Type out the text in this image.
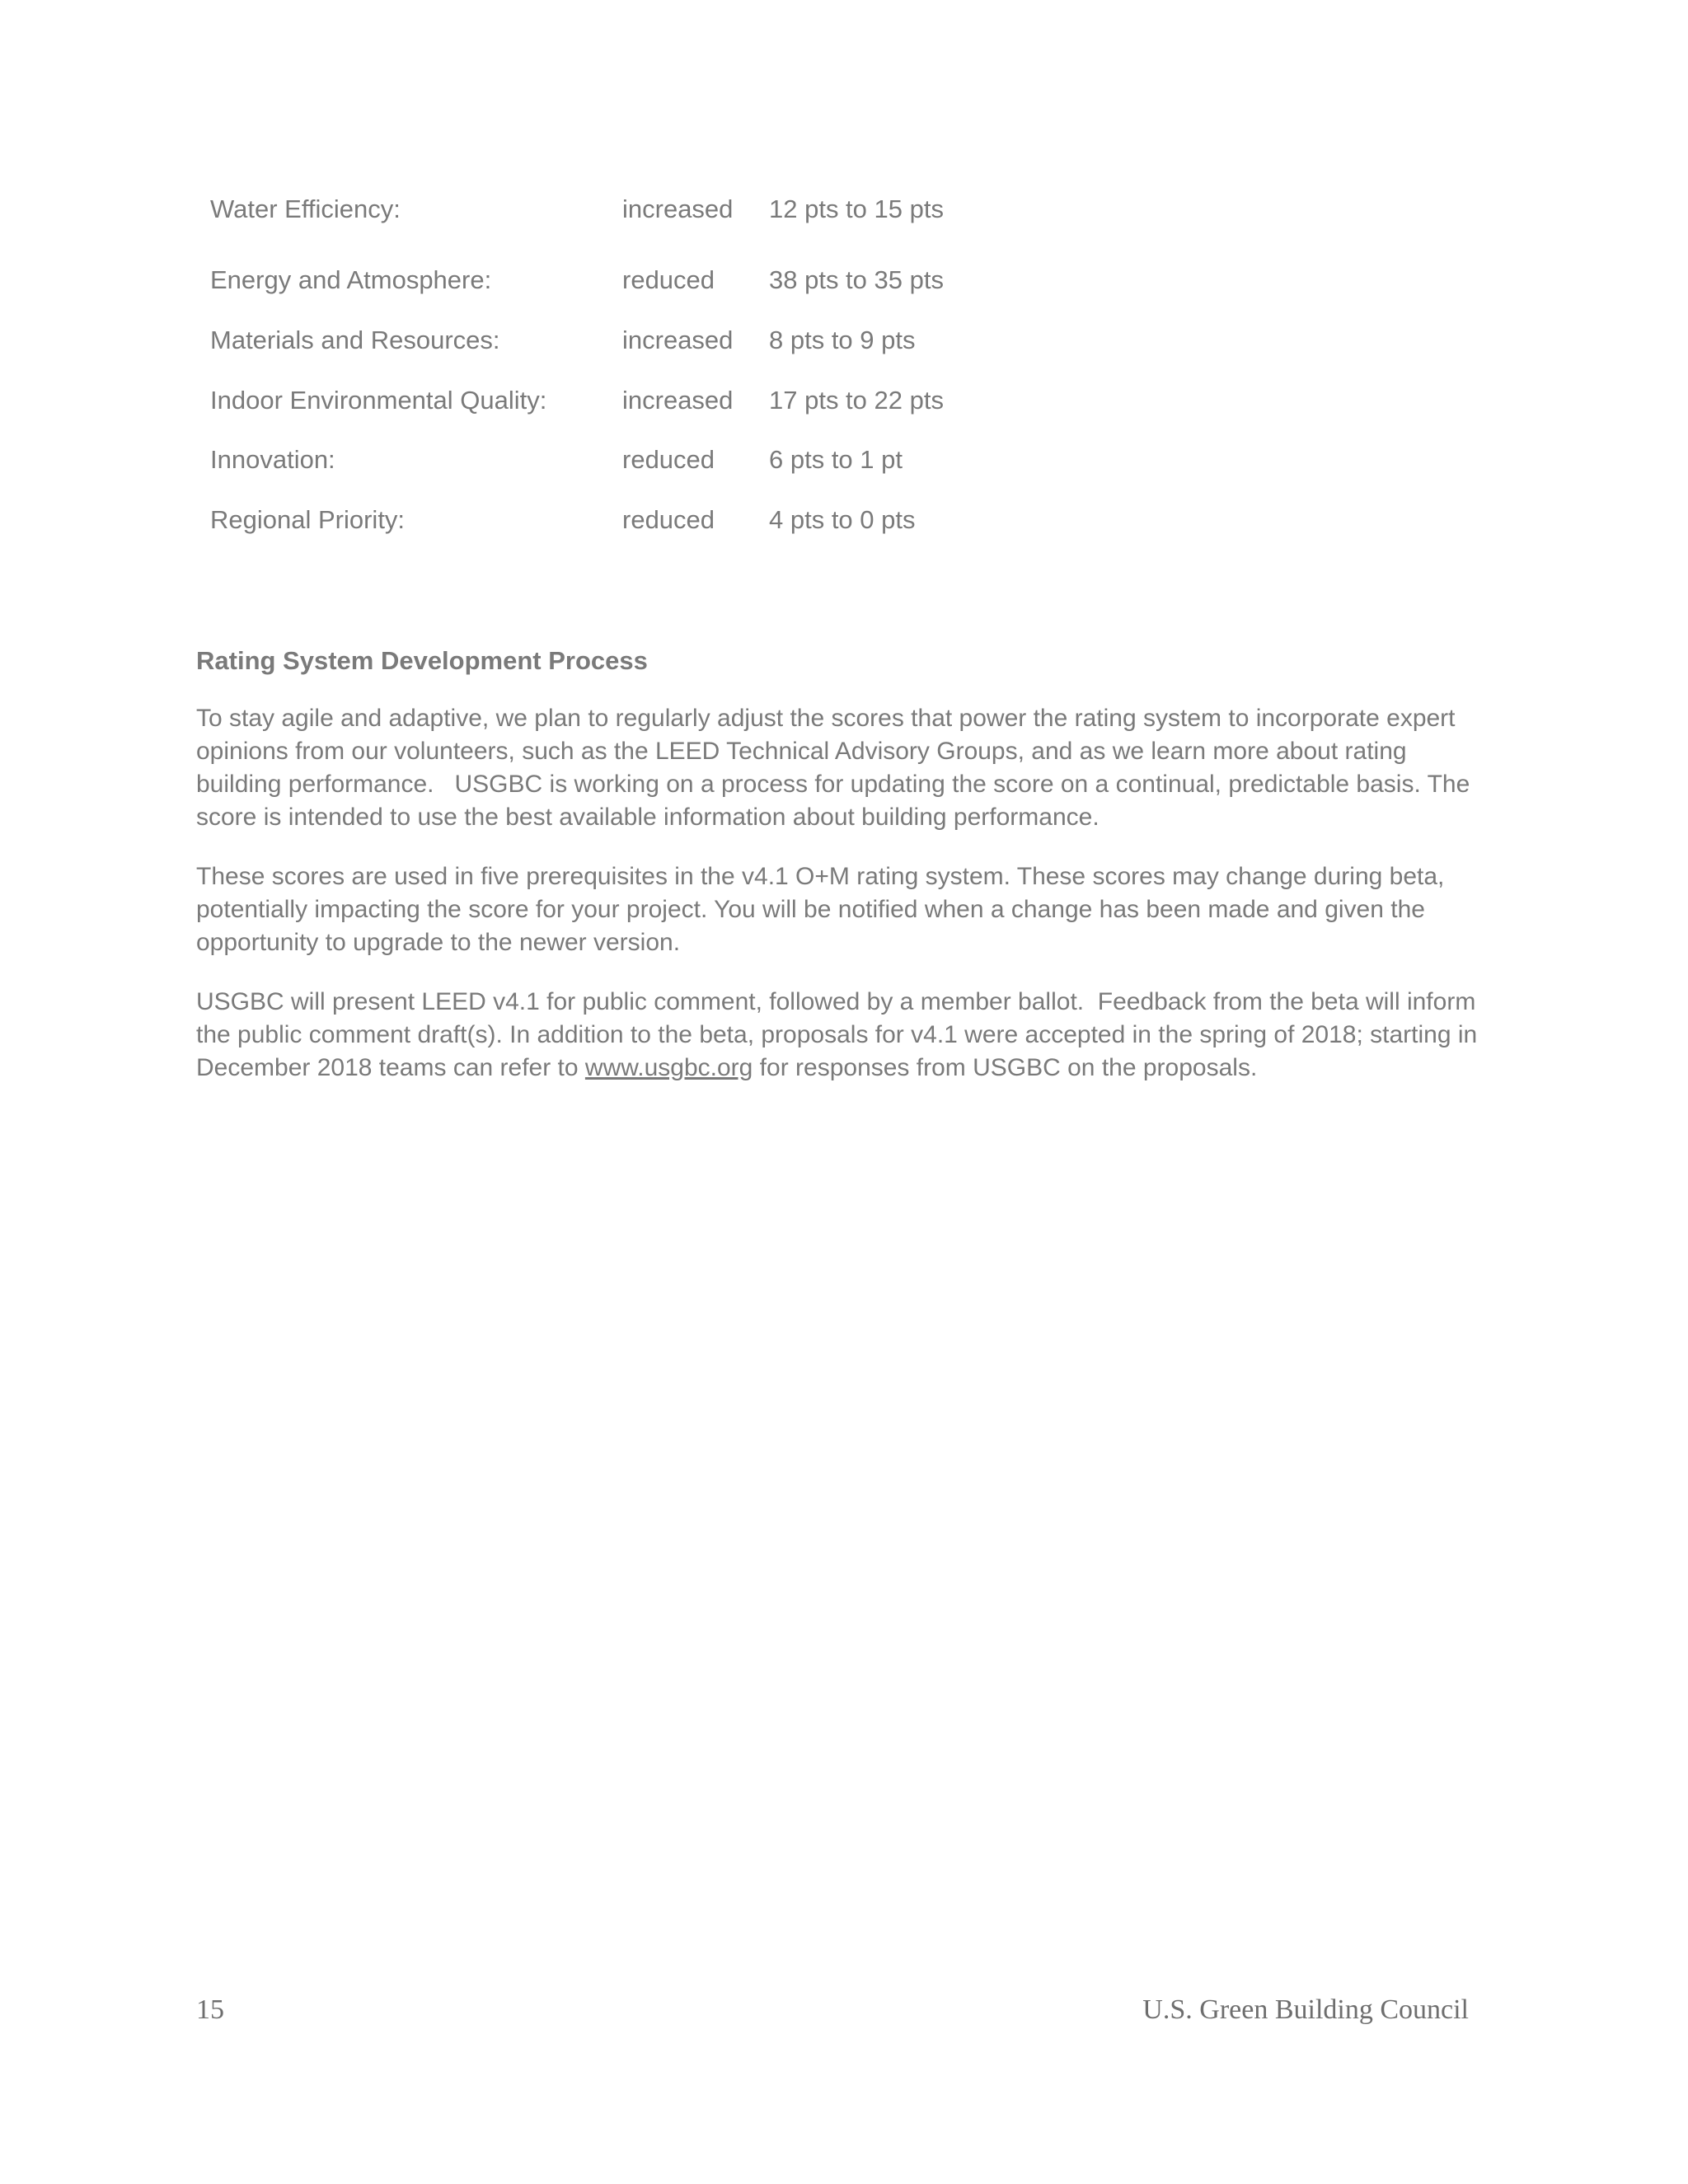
Water Efficiency:	increased	12 pts to 15 pts
Energy and Atmosphere:	reduced	38 pts to 35 pts
Materials and Resources:	increased	8 pts to 9 pts
Indoor Environmental Quality:	increased	17 pts to 22 pts
Innovation:	reduced	6 pts to 1 pt
Regional Priority:	reduced	4 pts to 0 pts
Rating System Development Process

To stay agile and adaptive, we plan to regularly adjust the scores that power the rating system to incorporate expert opinions from our volunteers, such as the LEED Technical Advisory Groups, and as we learn more about rating building performance.   USGBC is working on a process for updating the score on a continual, predictable basis. The score is intended to use the best available information about building performance.

These scores are used in five prerequisites in the v4.1 O+M rating system. These scores may change during beta, potentially impacting the score for your project. You will be notified when a change has been made and given the opportunity to upgrade to the newer version.

USGBC will present LEED v4.1 for public comment, followed by a member ballot.  Feedback from the beta will inform the public comment draft(s). In addition to the beta, proposals for v4.1 were accepted in the spring of 2018; starting in December 2018 teams can refer to www.usgbc.org for responses from USGBC on the proposals.

15	U.S. Green Building Council
